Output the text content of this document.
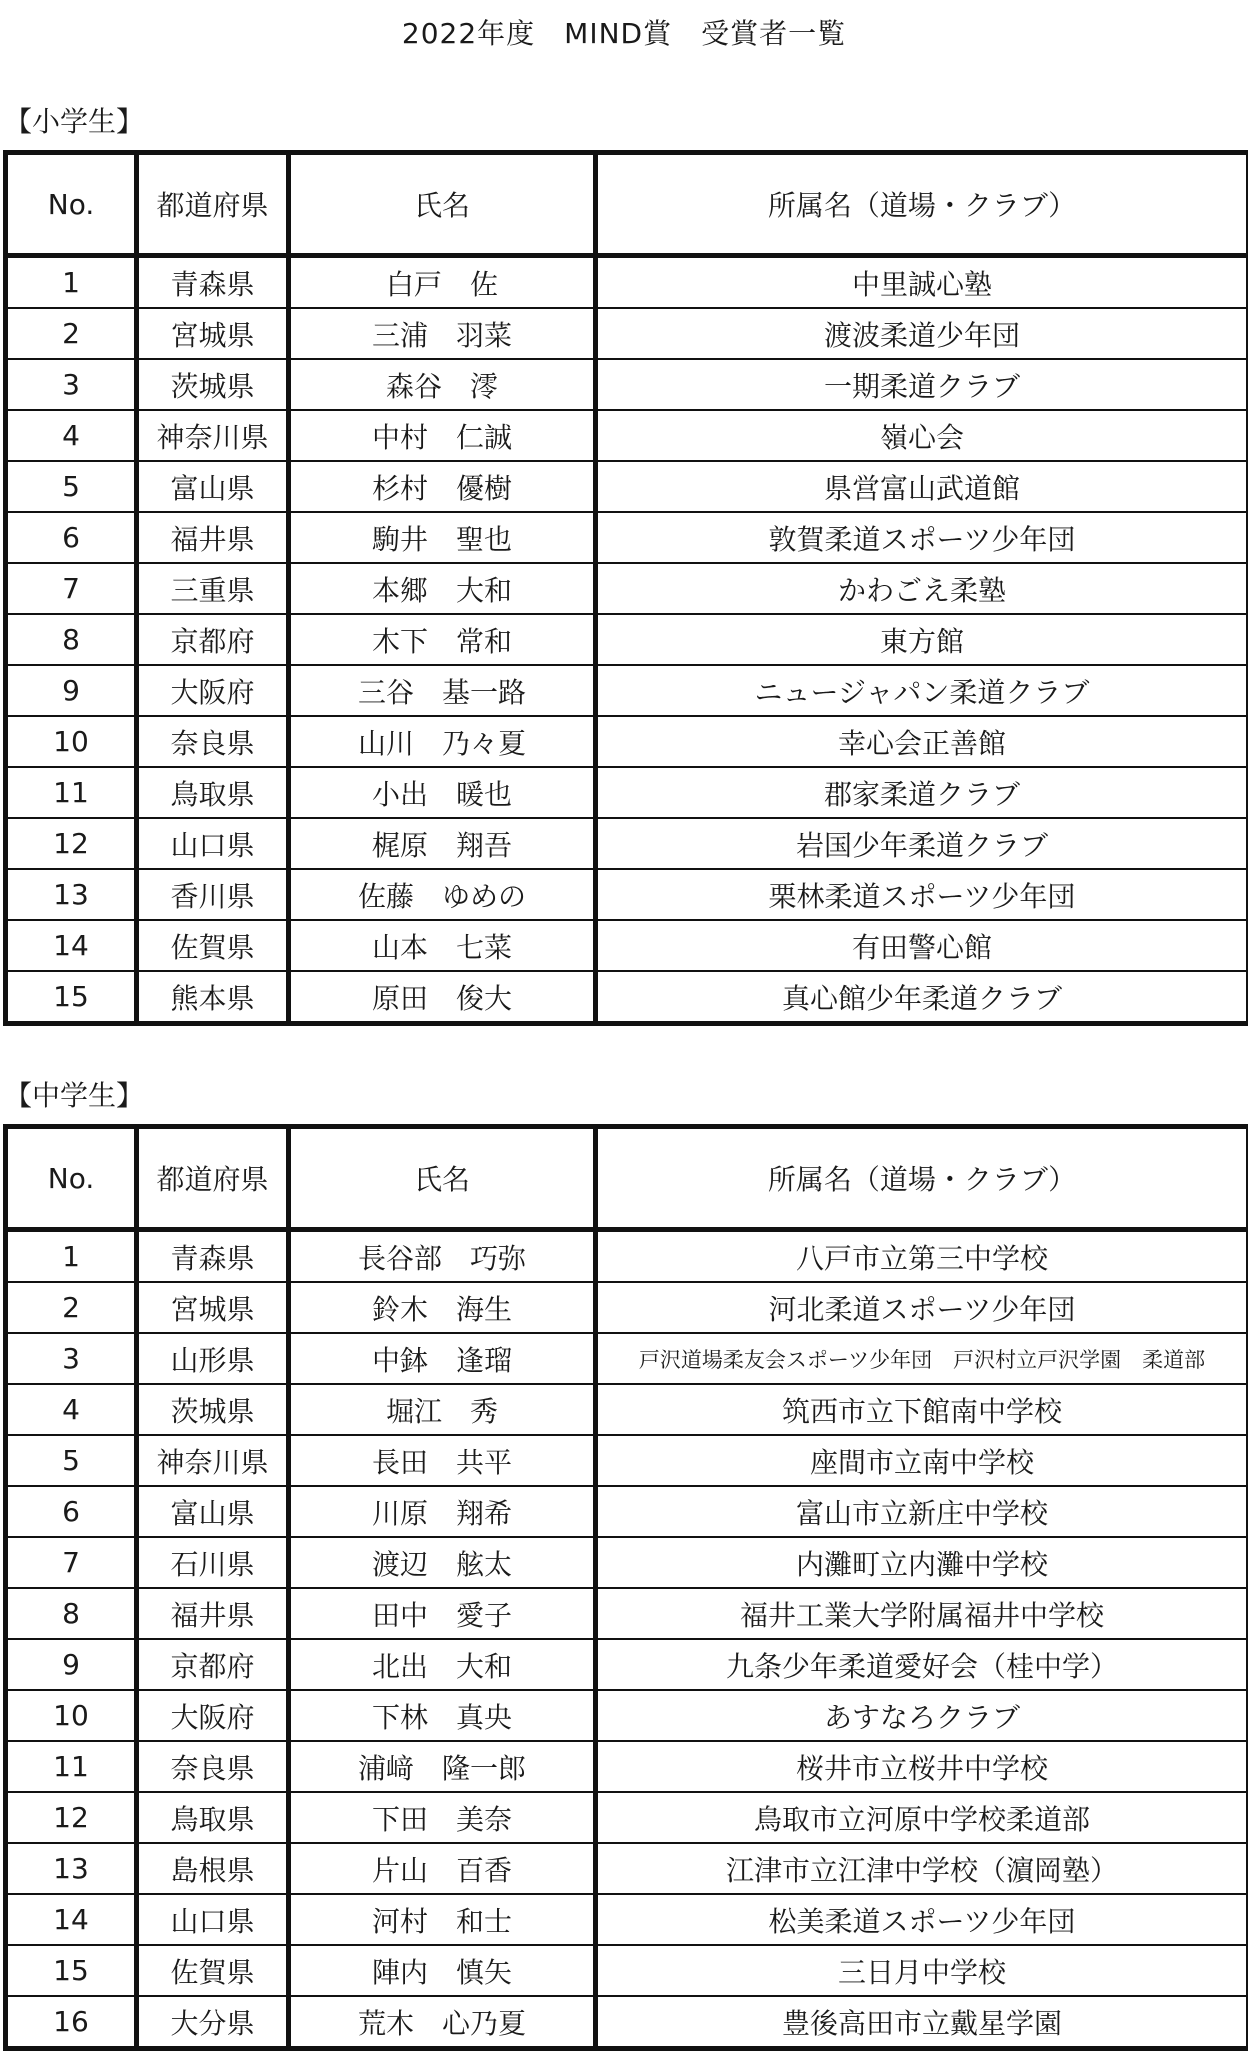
2022年度　MIND賞　受賞者一覧
【小学生】
No.	都道府県	氏名	所属名（道場・クラブ）
1	青森県	白戸　佐	中里誠心塾
2	宮城県	三浦　羽菜	渡波柔道少年団
3	茨城県	森谷　澪	一期柔道クラブ
4	神奈川県	中村　仁誠	嶺心会
5	富山県	杉村　優樹	県営富山武道館
6	福井県	駒井　聖也	敦賀柔道スポーツ少年団
7	三重県	本郷　大和	かわごえ柔塾
8	京都府	木下　常和	東方館
9	大阪府	三谷　基一路	ニュージャパン柔道クラブ
10	奈良県	山川　乃々夏	幸心会正善館
11	鳥取県	小出　暖也	郡家柔道クラブ
12	山口県	梶原　翔吾	岩国少年柔道クラブ
13	香川県	佐藤　ゆめの	栗林柔道スポーツ少年団
14	佐賀県	山本　七菜	有田警心館
15	熊本県	原田　俊大	真心館少年柔道クラブ
【中学生】
No.	都道府県	氏名	所属名（道場・クラブ）
1	青森県	長谷部　巧弥	八戸市立第三中学校
2	宮城県	鈴木　海生	河北柔道スポーツ少年団
3	山形県	中鉢　逢瑠	戸沢道場柔友会スポーツ少年団　戸沢村立戸沢学園　柔道部
4	茨城県	堀江　秀	筑西市立下館南中学校
5	神奈川県	長田　共平	座間市立南中学校
6	富山県	川原　翔希	富山市立新庄中学校
7	石川県	渡辺　舷太	内灘町立内灘中学校
8	福井県	田中　愛子	福井工業大学附属福井中学校
9	京都府	北出　大和	九条少年柔道愛好会（桂中学）
10	大阪府	下林　真央	あすなろクラブ
11	奈良県	浦﨑　隆一郎	桜井市立桜井中学校
12	鳥取県	下田　美奈	鳥取市立河原中学校柔道部
13	島根県	片山　百香	江津市立江津中学校（濵岡塾）
14	山口県	河村　和士	松美柔道スポーツ少年団
15	佐賀県	陣内　慎矢	三日月中学校
16	大分県	荒木　心乃夏	豊後高田市立戴星学園
